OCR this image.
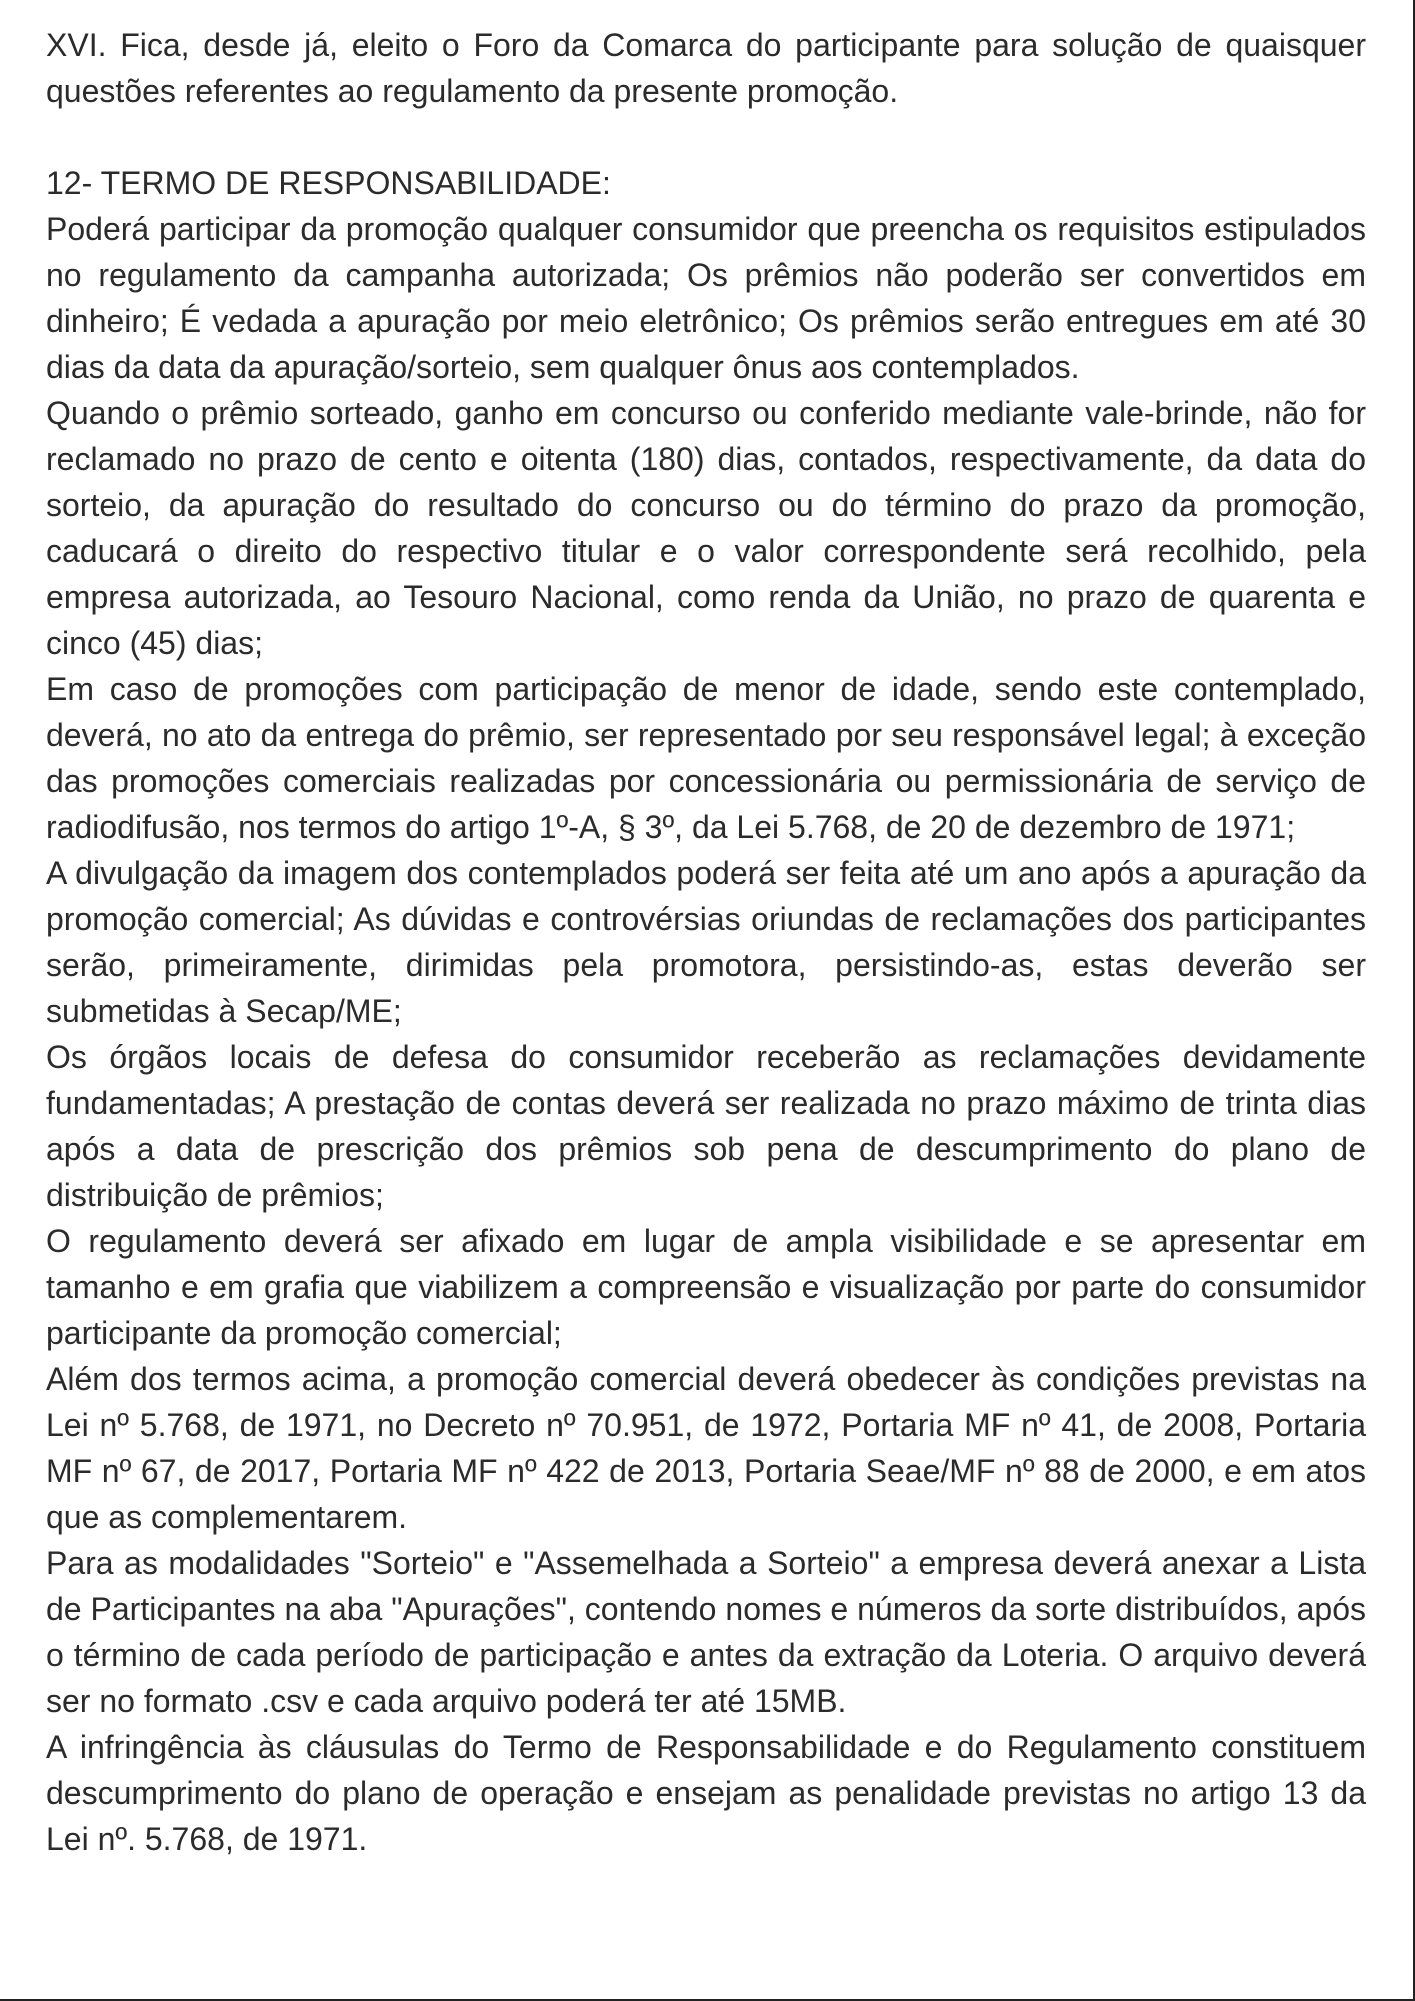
XVI. Fica, desde já, eleito o Foro da Comarca do participante para solução de quaisquer questões referentes ao regulamento da presente promoção.

12- TERMO DE RESPONSABILIDADE:

Poderá participar da promoção qualquer consumidor que preencha os requisitos estipulados no regulamento da campanha autorizada; Os prêmios não poderão ser convertidos em dinheiro; É vedada a apuração por meio eletrônico; Os prêmios serão entregues em até 30 dias da data da apuração/sorteio, sem qualquer ônus aos contemplados.

Quando o prêmio sorteado, ganho em concurso ou conferido mediante vale-brinde, não for reclamado no prazo de cento e oitenta (180) dias, contados, respectivamente, da data do sorteio, da apuração do resultado do concurso ou do término do prazo da promoção, caducará o direito do respectivo titular e o valor correspondente será recolhido, pela empresa autorizada, ao Tesouro Nacional, como renda da União, no prazo de quarenta e cinco (45) dias;

Em caso de promoções com participação de menor de idade, sendo este contemplado, deverá, no ato da entrega do prêmio, ser representado por seu responsável legal; à exceção das promoções comerciais realizadas por concessionária ou permissionária de serviço de radiodifusão, nos termos do artigo 1º-A, § 3º, da Lei 5.768, de 20 de dezembro de 1971;

A divulgação da imagem dos contemplados poderá ser feita até um ano após a apuração da promoção comercial; As dúvidas e controvérsias oriundas de reclamações dos participantes serão, primeiramente, dirimidas pela promotora, persistindo-as, estas deverão ser submetidas à Secap/ME;

Os órgãos locais de defesa do consumidor receberão as reclamações devidamente fundamentadas; A prestação de contas deverá ser realizada no prazo máximo de trinta dias após a data de prescrição dos prêmios sob pena de descumprimento do plano de distribuição de prêmios;

O regulamento deverá ser afixado em lugar de ampla visibilidade e se apresentar em tamanho e em grafia que viabilizem a compreensão e visualização por parte do consumidor participante da promoção comercial;

Além dos termos acima, a promoção comercial deverá obedecer às condições previstas na Lei nº 5.768, de 1971, no Decreto nº 70.951, de 1972, Portaria MF nº 41, de 2008, Portaria MF nº 67, de 2017, Portaria MF nº 422 de 2013, Portaria Seae/MF nº 88 de 2000, e em atos que as complementarem.

Para as modalidades "Sorteio" e "Assemelhada a Sorteio" a empresa deverá anexar a Lista de Participantes na aba "Apurações", contendo nomes e números da sorte distribuídos, após o término de cada período de participação e antes da extração da Loteria. O arquivo deverá ser no formato .csv e cada arquivo poderá ter até 15MB.

A infringência às cláusulas do Termo de Responsabilidade e do Regulamento constituem descumprimento do plano de operação e ensejam as penalidade previstas no artigo 13 da Lei nº. 5.768, de 1971.
